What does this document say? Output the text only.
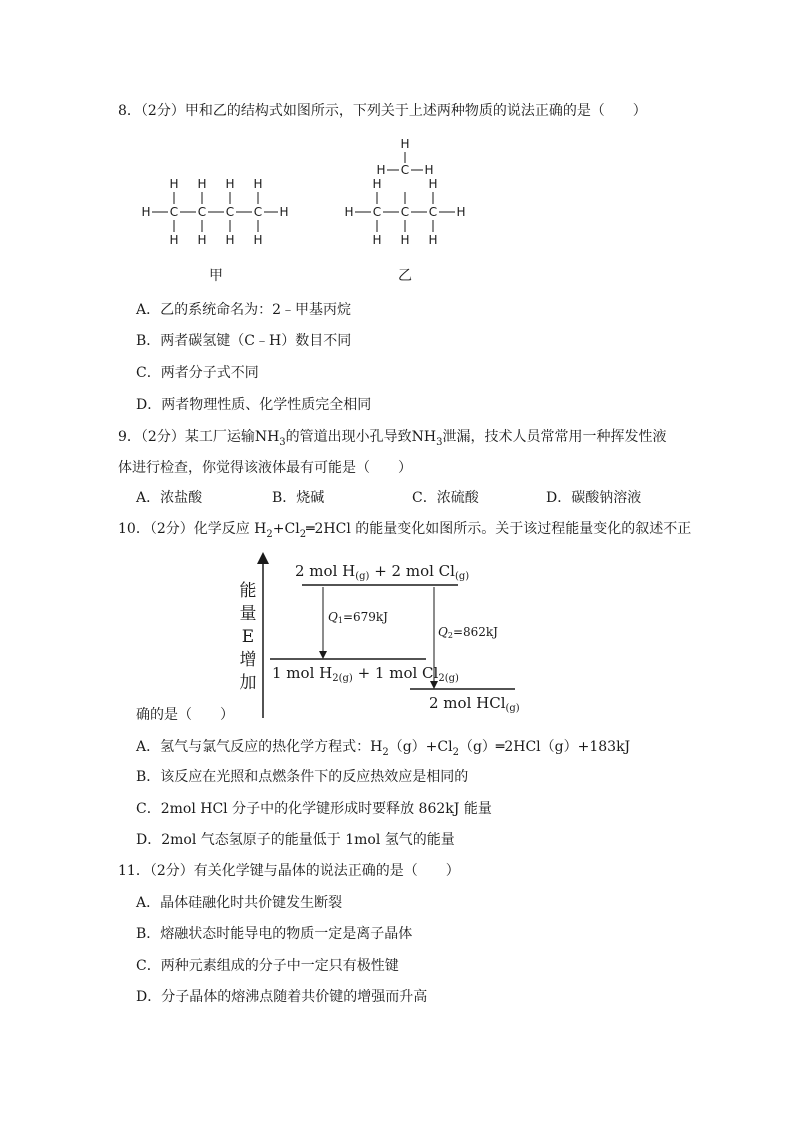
8．（2分）甲和乙的结构式如图所示，下列关于上述两种物质的说法正确的是（　　）
H C
H
H
C
H
H
C
H
H
C
H
H
H	H C
H
C
H
C
H
H
H	H
C
H	H
H
甲	乙
A．乙的系统命名为：2﹣甲基丙烷
B．两者碳氢键（C﹣H）数目不同
C．两者分子式不同
D．两者物理性质、化学性质完全相同
9．（2分）某工厂运输$NH_3$的管道出现小孔导致$NH_3$泄漏，技术人员常常用一种挥发性液
体进行检查，你觉得该液体最有可能是（　　）
A．浓盐酸	B．烧碱	C．浓硫酸	D．碳酸钠溶液
10．（2分）化学反应 $H_2+Cl_2═2HCl$ 的能量变化如图所示。关于该过程能量变化的叙述不正
能
量
E
增
加
2 mol $H_{(g)} + 2$ mol $Cl_{(g)}$
1 mol $H_2(g) + 1$ mol $Cl_2(g)$
2 mol HCl$_{(g)}$
Q1=679kJ
Q2=862kJ
确的是（　　）
A．氢气与氯气反应的热化学方程式：$H_2(g)+Cl_2(g)═2HCl(g)+183kJ$
B．该反应在光照和点燃条件下的反应热效应是相同的
C．2mol HCl 分子中的化学键形成时要释放 862kJ 能量
D．2mol 气态氢原子的能量低于 1mol 氢气的能量
11．（2分）有关化学键与晶体的说法正确的是（　　）
A．晶体硅融化时共价键发生断裂
B．熔融状态时能导电的物质一定是离子晶体
C．两种元素组成的分子中一定只有极性键
D．分子晶体的熔沸点随着共价键的增强而升高
